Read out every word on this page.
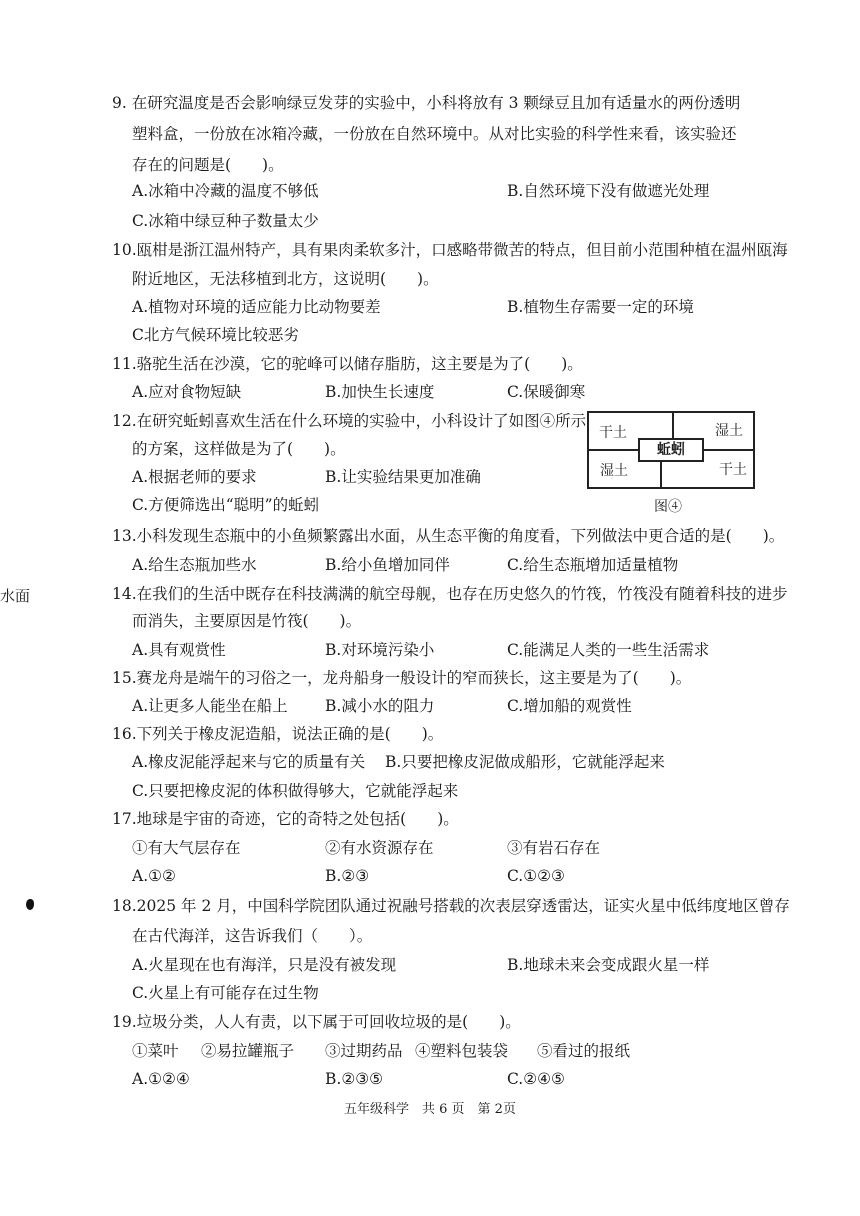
9. 在研究温度是否会影响绿豆发芽的实验中，小科将放有 3 颗绿豆且加有适量水的两份透明
塑料盒，一份放在冰箱冷藏，一份放在自然环境中。从对比实验的科学性来看，该实验还
存在的问题是(　　)。
A.冰箱中冷藏的温度不够低	B.自然环境下没有做遮光处理
C.冰箱中绿豆种子数量太少
10.瓯柑是浙江温州特产，具有果肉柔软多汁，口感略带微苦的特点，但目前小范围种植在温州瓯海
附近地区，无法移植到北方，这说明(　　)。
A.植物对环境的适应能力比动物要差	B.植物生存需要一定的环境
C北方气候环境比较恶劣
11.骆驼生活在沙漠，它的驼峰可以储存脂肪，这主要是为了(　　)。
A.应对食物短缺	B.加快生长速度	C.保暖御寒
12.在研究蚯蚓喜欢生活在什么环境的实验中，小科设计了如图④所示
的方案，这样做是为了(　　)。
A.根据老师的要求	B.让实验结果更加准确
C.方便筛选出“聪明”的蚯蚓
干土	湿土
湿土	干土
蚯蚓
图④
13.小科发现生态瓶中的小鱼频繁露出水面，从生态平衡的角度看，下列做法中更合适的是(　　)。
A.给生态瓶加些水	B.给小鱼增加同伴	C.给生态瓶增加适量植物
水面	14.在我们的生活中既存在科技满满的航空母舰，也存在历史悠久的竹筏，竹筏没有随着科技的进步
而消失，主要原因是竹筏(　　)。
A.具有观赏性	B.对环境污染小	C.能满足人类的一些生活需求
15.赛龙舟是端午的习俗之一，龙舟船身一般设计的窄而狭长，这主要是为了(　　)。
A.让更多人能坐在船上 B.减小水的阻力	C.增加船的观赏性
16.下列关于橡皮泥造船，说法正确的是(　　)。
A.橡皮泥能浮起来与它的质量有关 B.只要把橡皮泥做成船形，它就能浮起来
C.只要把橡皮泥的体积做得够大，它就能浮起来
17.地球是宇宙的奇迹，它的奇特之处包括(　　)。
①有大气层存在	②有水资源存在	③有岩石存在
A.①②	B.②③	C.①②③
18.2025 年 2 月，中国科学院团队通过祝融号搭载的次表层穿透雷达，证实火星中低纬度地区曾存
在古代海洋，这告诉我们（　　）。
A.火星现在也有海洋，只是没有被发现	B.地球未来会变成跟火星一样
C.火星上有可能存在过生物
19.垃圾分类，人人有责，以下属于可回收垃圾的是(　　)。
①菜叶 ②易拉罐瓶子 ③过期药品 ④塑料包装袋 ⑤看过的报纸
A.①②④	B.②③⑤	C.②④⑤
五年级科学　共 6 页　第 2页
